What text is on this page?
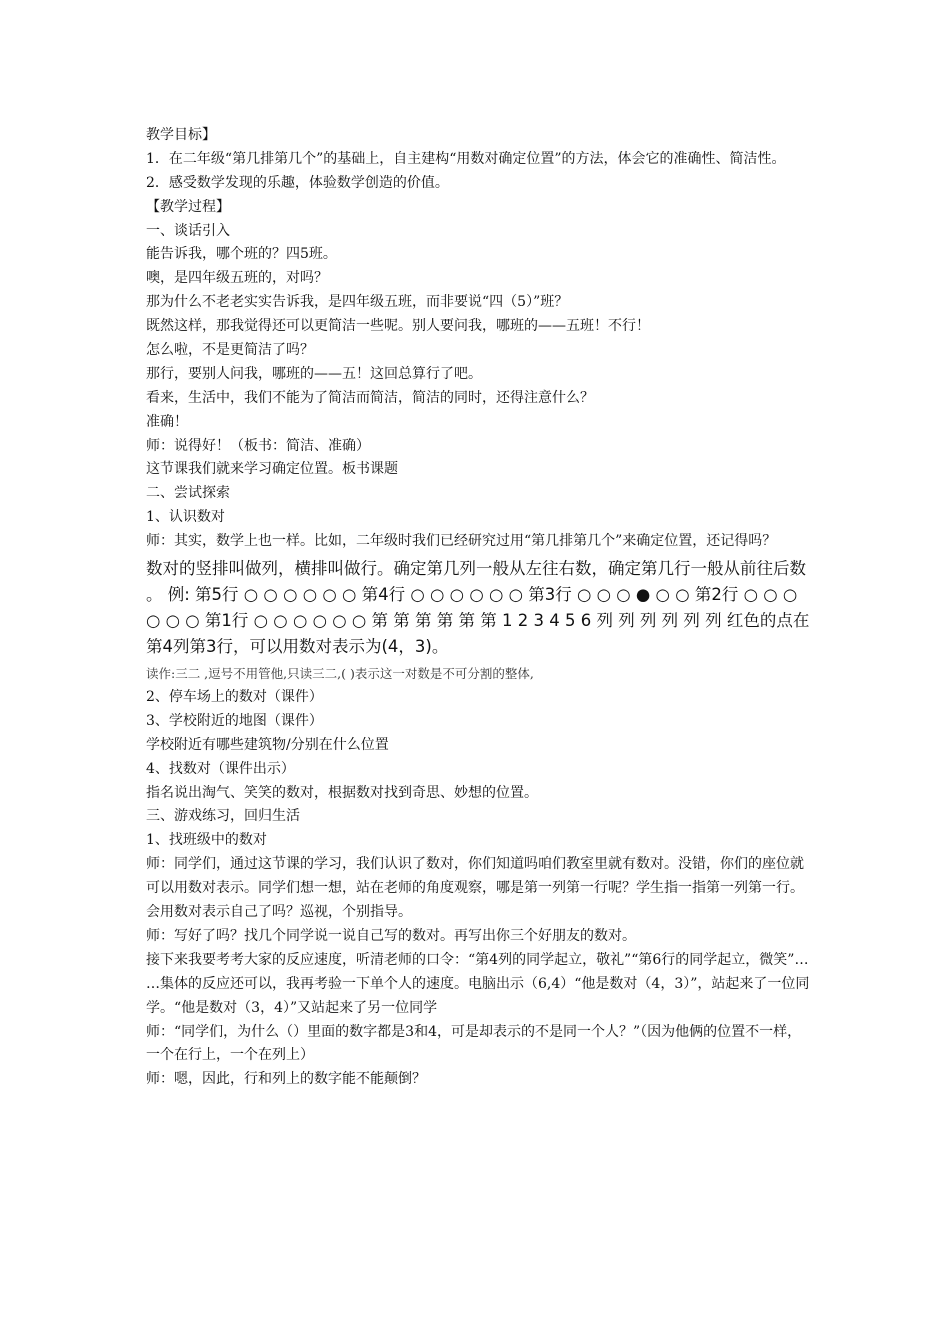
教学目标】
1．在二年级“第几排第几个”的基础上，自主建构“用数对确定位置”的方法，体会它的准确性、简洁性。
2．感受数学发现的乐趣，体验数学创造的价值。
【教学过程】
一、谈话引入
能告诉我，哪个班的？四5班。
噢，是四年级五班的，对吗？
那为什么不老老实实告诉我，是四年级五班，而非要说“四（5）”班？
既然这样，那我觉得还可以更简洁一些呢。别人要问我，哪班的——五班！不行！
怎么啦，不是更简洁了吗？
那行，要别人问我，哪班的——五！这回总算行了吧。
看来，生活中，我们不能为了简洁而简洁，简洁的同时，还得注意什么？
准确！
师：说得好！（板书：简洁、准确）
这节课我们就来学习确定位置。板书课题
二、尝试探索
1、认识数对
师：其实，数学上也一样。比如，二年级时我们已经研究过用“第几排第几个”来确定位置，还记得吗？
数对的竖排叫做列，横排叫做行。确定第几列一般从左往右数，确定第几行一般从前往后数。 例: 第5行 ○ ○ ○ ○ ○ ○ 第4行 ○ ○ ○ ○ ○ ○ 第3行 ○ ○ ○ ● ○ ○ 第2行 ○ ○ ○ ○ ○ ○ 第1行 ○ ○ ○ ○ ○ ○ 第 第 第 第 第 第 1 2 3 4 5 6 列 列 列 列 列 列 红色的点在第4列第3行，可以用数对表示为(4，3)。
读作:三二 ,逗号不用管他,只读三二,( )表示这一对数是不可分割的整体,
2、停车场上的数对（课件）
3、学校附近的地图（课件）
学校附近有哪些建筑物/分别在什么位置
4、找数对（课件出示）
指名说出淘气、笑笑的数对，根据数对找到奇思、妙想的位置。
三、游戏练习，回归生活
1、找班级中的数对
师：同学们，通过这节课的学习，我们认识了数对，你们知道吗咱们教室里就有数对。没错，你们的座位就可以用数对表示。同学们想一想，站在老师的角度观察，哪是第一列第一行呢？学生指一指第一列第一行。会用数对表示自己了吗？巡视，个别指导。
师：写好了吗？找几个同学说一说自己写的数对。再写出你三个好朋友的数对。
接下来我要考考大家的反应速度，听清老师的口令：“第4列的同学起立，敬礼”“第6行的同学起立，微笑”……集体的反应还可以，我再考验一下单个人的速度。电脑出示（6,4）“他是数对（4，3）”，站起来了一位同学。“他是数对（3，4）”又站起来了另一位同学
师：“同学们，为什么（）里面的数字都是3和4，可是却表示的不是同一个人？”（因为他俩的位置不一样，一个在行上，一个在列上）
师：嗯，因此，行和列上的数字能不能颠倒？
